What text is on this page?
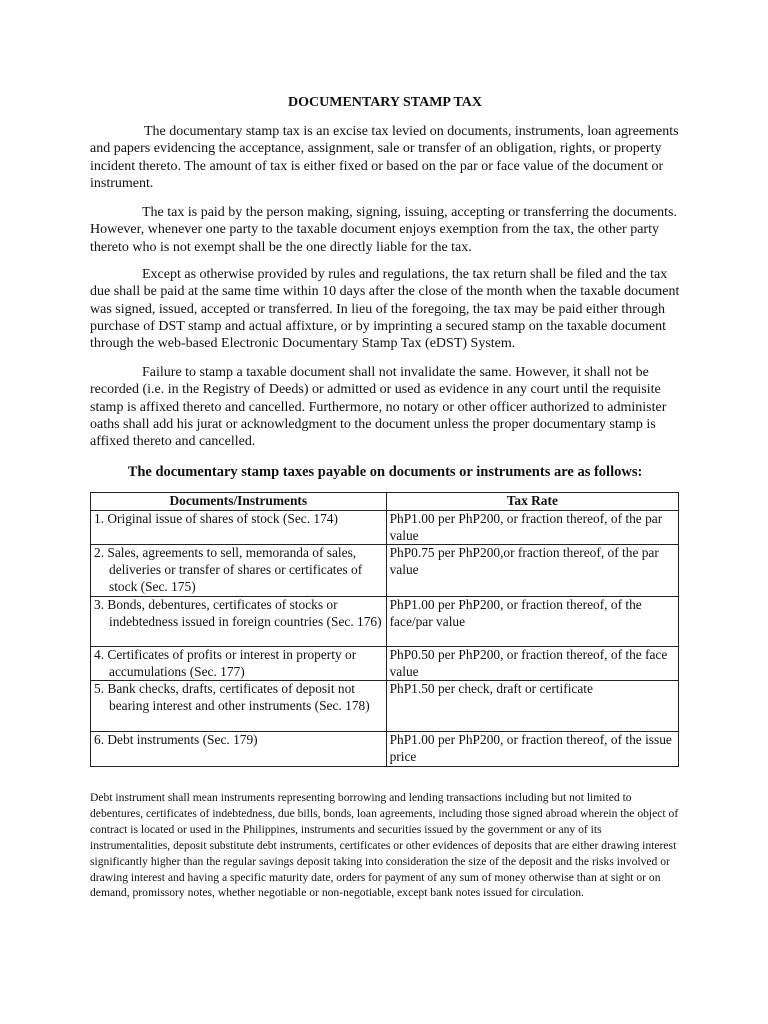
DOCUMENTARY STAMP TAX

The documentary stamp tax is an excise tax levied on documents, instruments, loan agreements and papers evidencing the acceptance, assignment, sale or transfer of an obligation, rights, or property incident thereto. The amount of tax is either fixed or based on the par or face value of the document or instrument.

The tax is paid by the person making, signing, issuing, accepting or transferring the documents. However, whenever one party to the taxable document enjoys exemption from the tax, the other party thereto who is not exempt shall be the one directly liable for the tax.

Except as otherwise provided by rules and regulations, the tax return shall be filed and the tax due shall be paid at the same time within 10 days after the close of the month when the taxable document was signed, issued, accepted or transferred. In lieu of the foregoing, the tax may be paid either through purchase of DST stamp and actual affixture, or by imprinting a secured stamp on the taxable document through the web-based Electronic Documentary Stamp Tax (eDST) System.

Failure to stamp a taxable document shall not invalidate the same. However, it shall not be recorded (i.e. in the Registry of Deeds) or admitted or used as evidence in any court until the requisite stamp is affixed thereto and cancelled. Furthermore, no notary or other officer authorized to administer oaths shall add his jurat or acknowledgment to the document unless the proper documentary stamp is affixed thereto and cancelled.

The documentary stamp taxes payable on documents or instruments are as follows:
Documents/Instruments	Tax Rate

1. Original issue of shares of stock (Sec. 174)	PhP1.00 per PhP200, or fraction thereof, of the par value

2. Sales, agreements to sell, memoranda of sales, deliveries or transfer of shares or certificates of stock (Sec. 175)	PhP0.75 per PhP200,or fraction thereof, of the par value

3. Bonds, debentures, certificates of stocks or indebtedness issued in foreign countries (Sec. 176)	PhP1.00 per PhP200, or fraction thereof, of the face/par value

4. Certificates of profits or interest in property or accumulations (Sec. 177)	PhP0.50 per PhP200, or fraction thereof, of the face value

5. Bank checks, drafts, certificates of deposit not bearing interest and other instruments (Sec. 178)	PhP1.50 per check, draft or certificate

6. Debt instruments (Sec. 179)	PhP1.00 per PhP200, or fraction thereof, of the issue price

Debt instrument shall mean instruments representing borrowing and lending transactions including but not limited to debentures, certificates of indebtedness, due bills, bonds, loan agreements, including those signed abroad wherein the object of contract is located or used in the Philippines, instruments and securities issued by the government or any of its instrumentalities, deposit substitute debt instruments, certificates or other evidences of deposits that are either drawing interest significantly higher than the regular savings deposit taking into consideration the size of the deposit and the risks involved or drawing interest and having a specific maturity date, orders for payment of any sum of money otherwise than at sight or on demand, promissory notes, whether negotiable or non-negotiable, except bank notes issued for circulation.
